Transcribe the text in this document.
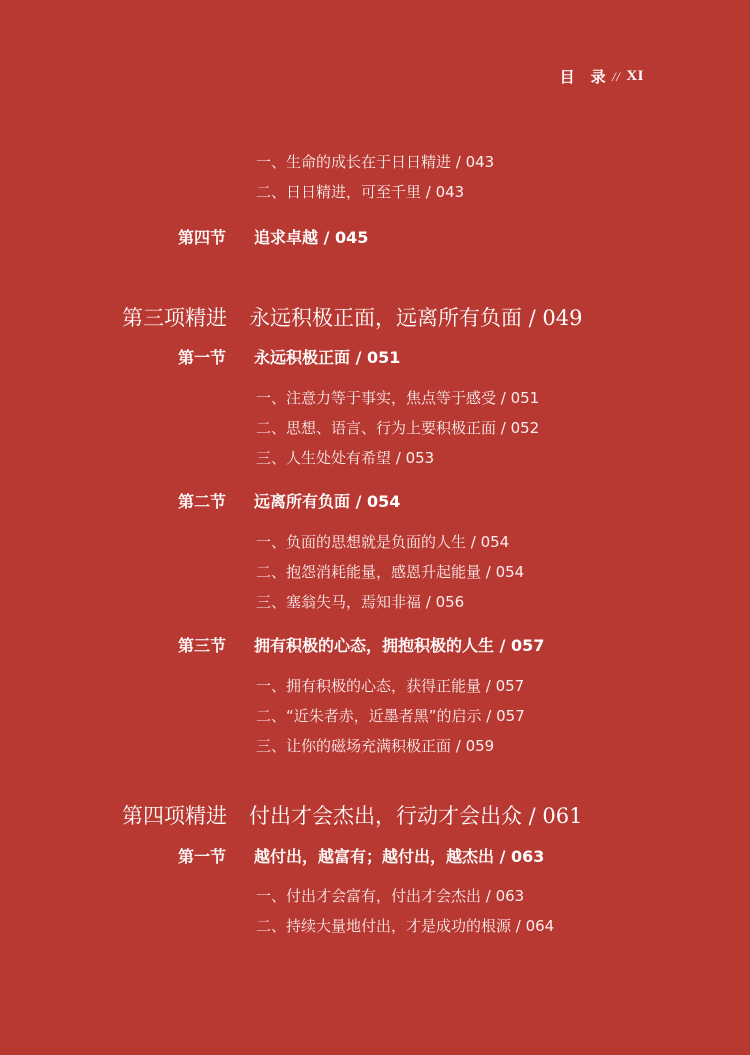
目　录 // XI
一、生命的成长在于日日精进 / 043
二、日日精进，可至千里 / 043
第四节	追求卓越 / 045
第三项精进 永远积极正面，远离所有负面 / 049
第一节	永远积极正面 / 051
一、注意力等于事实，焦点等于感受 / 051
二、思想、语言、行为上要积极正面 / 052
三、人生处处有希望 / 053
第二节	远离所有负面 / 054
一、负面的思想就是负面的人生 / 054
二、抱怨消耗能量，感恩升起能量 / 054
三、塞翁失马，焉知非福 / 056
第三节	拥有积极的心态，拥抱积极的人生 / 057
一、拥有积极的心态，获得正能量 / 057
二、“近朱者赤，近墨者黑”的启示 / 057
三、让你的磁场充满积极正面 / 059
第四项精进 付出才会杰出，行动才会出众 / 061
第一节	越付出，越富有；越付出，越杰出 / 063
一、付出才会富有，付出才会杰出 / 063
二、持续大量地付出，才是成功的根源 / 064
